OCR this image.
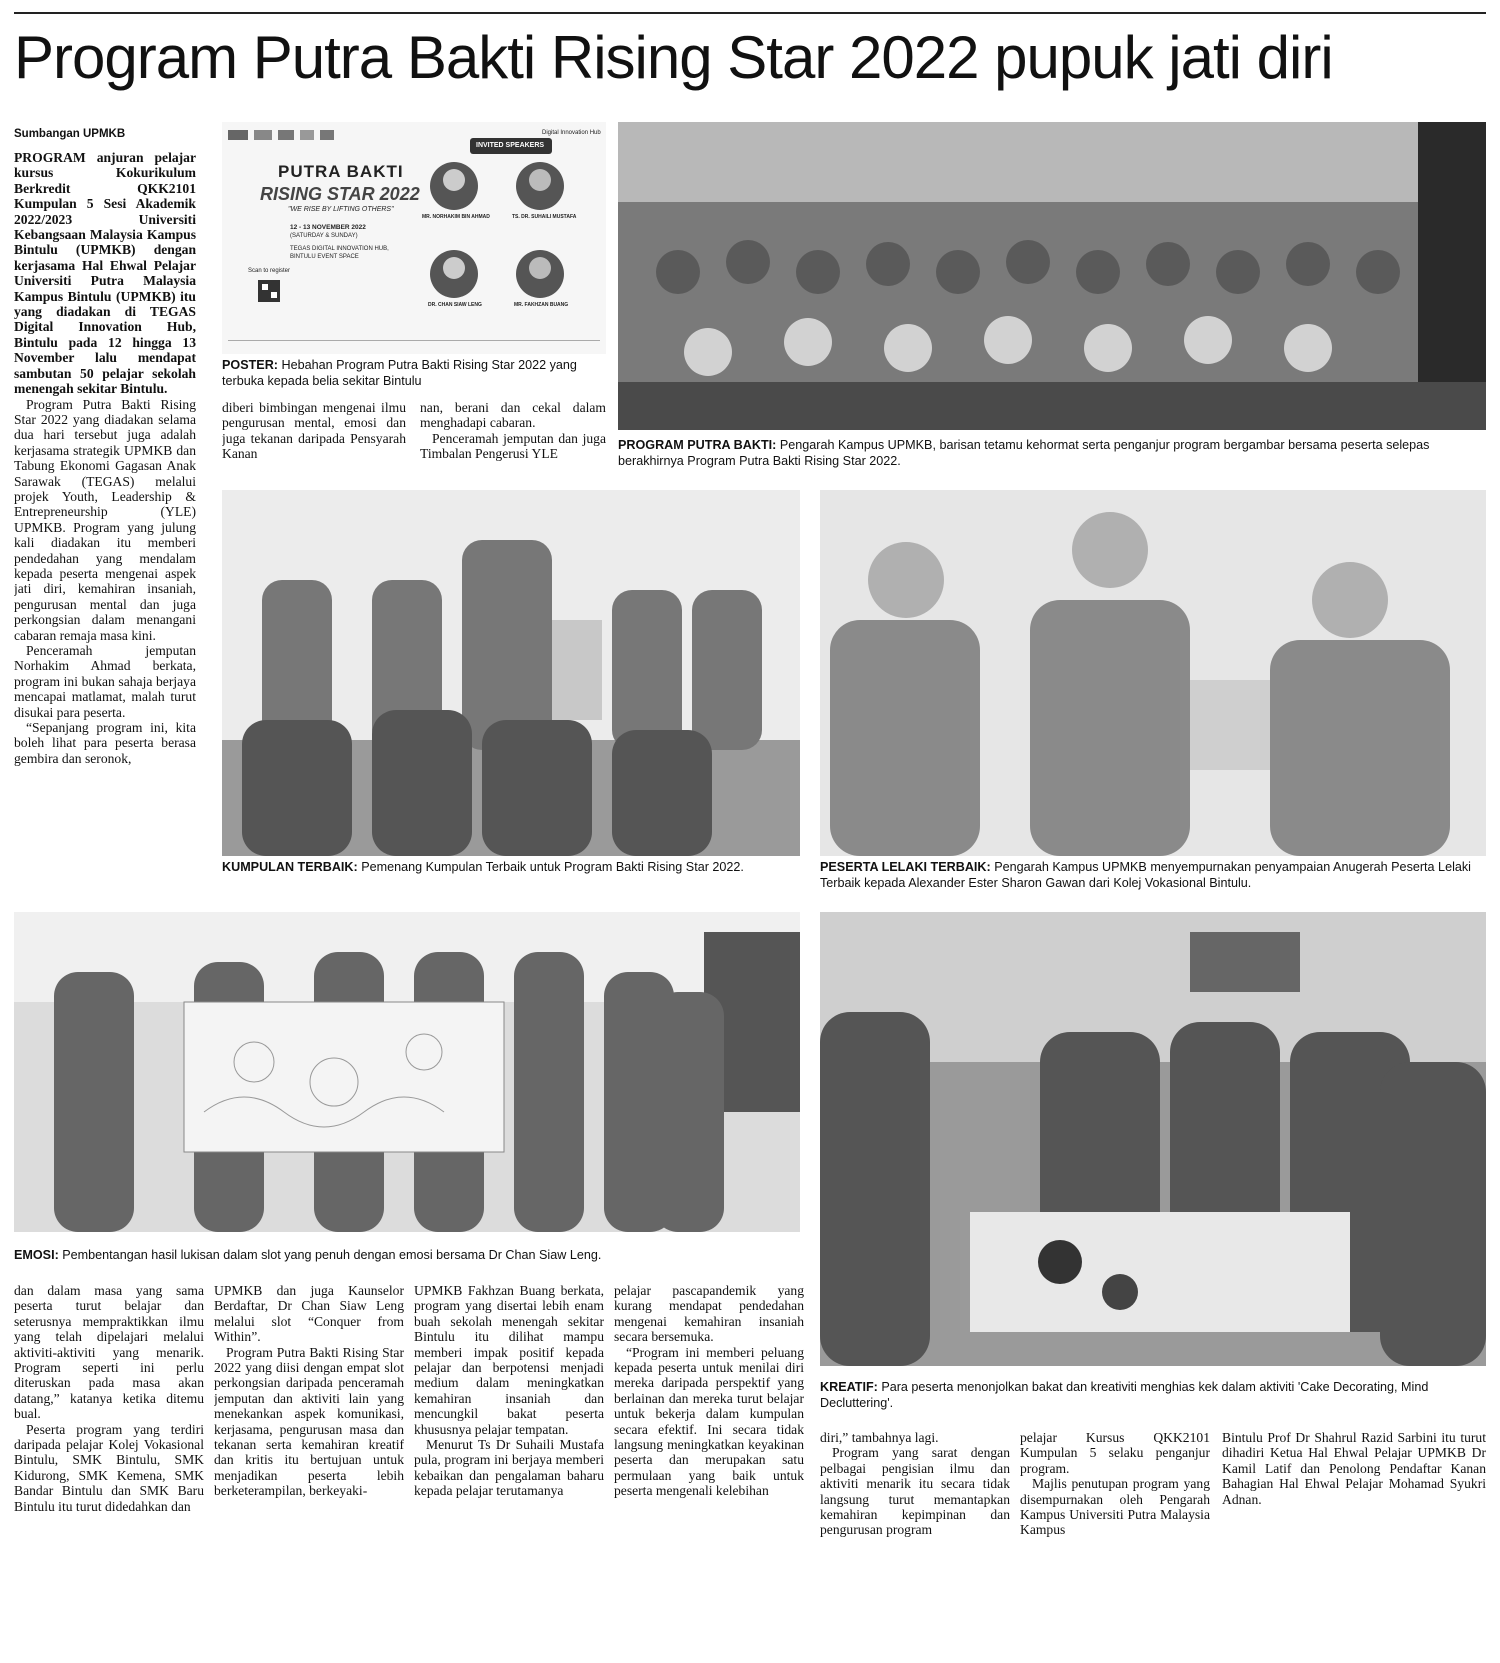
Program Putra Bakti Rising Star 2022 pupuk jati diri
Sumbangan UPMKB

PROGRAM anjuran pelajar kursus Kokurikulum Berkredit QKK2101 Kumpulan 5 Sesi Akademik 2022/2023 Universiti Kebangsaan Malaysia Kampus Bintulu (UPMKB) dengan kerjasama Hal Ehwal Pelajar Universiti Putra Malaysia Kampus Bintulu (UPMKB) itu yang diadakan di TEGAS Digital Innovation Hub, Bintulu pada 12 hingga 13 November lalu mendapat sambutan 50 pelajar sekolah menengah sekitar Bintulu.

Program Putra Bakti Rising Star 2022 yang diadakan selama dua hari tersebut juga adalah kerjasama strategik UPMKB dan Tabung Ekonomi Gagasan Anak Sarawak (TEGAS) melalui projek Youth, Leadership & Entrepreneurship (YLE) UPMKB. Program yang julung kali diadakan itu memberi pendedahan yang mendalam kepada peserta mengenai aspek jati diri, kemahiran insaniah, pengurusan mental dan juga perkongsian dalam menangani cabaran remaja masa kini.

Penceramah jemputan Norhakim Ahmad berkata, program ini bukan sahaja berjaya mencapai matlamat, malah turut disukai para peserta.

“Sepanjang program ini, kita boleh lihat para peserta berasa gembira dan seronok,

Digital Innovation Hub
PUTRA BAKTI
RISING STAR 2022
"WE RISE BY LIFTING OTHERS"
INVITED SPEAKERS
12 - 13 NOVEMBER 2022
(SATURDAY & SUNDAY)
TEGAS DIGITAL INNOVATION HUB,
BINTULU EVENT SPACE
Scan to register
MR. NORHAKIM BIN AHMAD	TS. DR. SUHAILI MUSTAFA
DR. CHAN SIAW LENG	MR. FAKHZAN BUANG
POSTER: Hebahan Program Putra Bakti Rising Star 2022 yang terbuka kepada belia sekitar Bintulu

diberi bimbingan mengenai ilmu pengurusan mental, emosi dan juga tekanan daripada Pensyarah Kanan

nan, berani dan cekal dalam menghadapi cabaran.

Penceramah jemputan dan juga Timbalan Pengerusi YLE

PROGRAM PUTRA BAKTI: Pengarah Kampus UPMKB, barisan tetamu kehormat serta penganjur program bergambar bersama peserta selepas berakhirnya Program Putra Bakti Rising Star 2022.
KUMPULAN TERBAIK: Pemenang Kumpulan Terbaik untuk Program Bakti Rising Star 2022.	PESERTA LELAKI TERBAIK: Pengarah Kampus UPMKB menyempurnakan penyampaian Anugerah Peserta Lelaki Terbaik kepada Alexander Ester Sharon Gawan dari Kolej Vokasional Bintulu.
EMOSI: Pembentangan hasil lukisan dalam slot yang penuh dengan emosi bersama Dr Chan Siaw Leng.
KREATIF: Para peserta menonjolkan bakat dan kreativiti menghias kek dalam aktiviti 'Cake Decorating, Mind Decluttering'.

dan dalam masa yang sama peserta turut belajar dan seterusnya mempraktikkan ilmu yang telah dipelajari melalui aktiviti-aktiviti yang menarik. Program seperti ini perlu diteruskan pada masa akan datang,” katanya ketika ditemu bual.

Peserta program yang terdiri daripada pelajar Kolej Vokasional Bintulu, SMK Bintulu, SMK Kidurong, SMK Kemena, SMK Bandar Bintulu dan SMK Baru Bintulu itu turut didedahkan dan

UPMKB dan juga Kaunselor Berdaftar, Dr Chan Siaw Leng melalui slot “Conquer from Within”.

Program Putra Bakti Rising Star 2022 yang diisi dengan empat slot perkongsian daripada penceramah jemputan dan aktiviti lain yang menekankan aspek komunikasi, kerjasama, pengurusan masa dan tekanan serta kemahiran kreatif dan kritis itu bertujuan untuk menjadikan peserta lebih berketerampilan, berkeyaki-

UPMKB Fakhzan Buang berkata, program yang disertai lebih enam buah sekolah menengah sekitar Bintulu itu dilihat mampu memberi impak positif kepada pelajar dan berpotensi menjadi medium dalam meningkatkan kemahiran insaniah dan mencungkil bakat peserta khususnya pelajar tempatan.

Menurut Ts Dr Suhaili Mustafa pula, program ini berjaya memberi kebaikan dan pengalaman baharu kepada pelajar terutamanya

pelajar pascapandemik yang kurang mendapat pendedahan mengenai kemahiran insaniah secara bersemuka.

“Program ini memberi peluang kepada peserta untuk menilai diri mereka daripada perspektif yang berlainan dan mereka turut belajar untuk bekerja dalam kumpulan secara efektif. Ini secara tidak langsung meningkatkan keyakinan peserta dan merupakan satu permulaan yang baik untuk peserta mengenali kelebihan

diri,” tambahnya lagi.

Program yang sarat dengan pelbagai pengisian ilmu dan aktiviti menarik itu secara tidak langsung turut memantapkan kemahiran kepimpinan dan pengurusan program

pelajar Kursus QKK2101 Kumpulan 5 selaku penganjur program.

Majlis penutupan program yang disempurnakan oleh Pengarah Kampus Universiti Putra Malaysia Kampus

Bintulu Prof Dr Shahrul Razid Sarbini itu turut dihadiri Ketua Hal Ehwal Pelajar UPMKB Dr Kamil Latif dan Penolong Pendaftar Kanan Bahagian Hal Ehwal Pelajar Mohamad Syukri Adnan.
